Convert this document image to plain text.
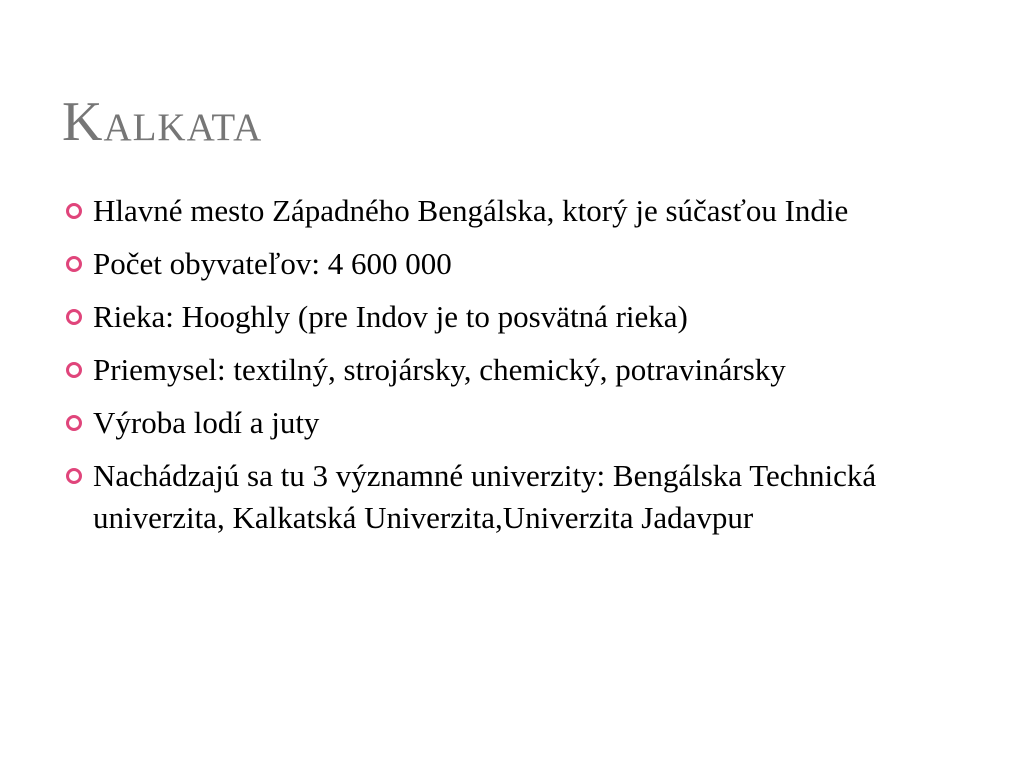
Kalkata
Hlavné mesto Západného Bengálska, ktorý je súčasťou Indie
Počet obyvateľov: 4 600 000
Rieka: Hooghly (pre Indov je to posvätná rieka)
Priemysel: textilný, strojársky, chemický, potravinársky
Výroba lodí a juty
Nachádzajú sa tu 3 významné univerzity: Bengálska Technická univerzita, Kalkatská Univerzita,Univerzita Jadavpur
